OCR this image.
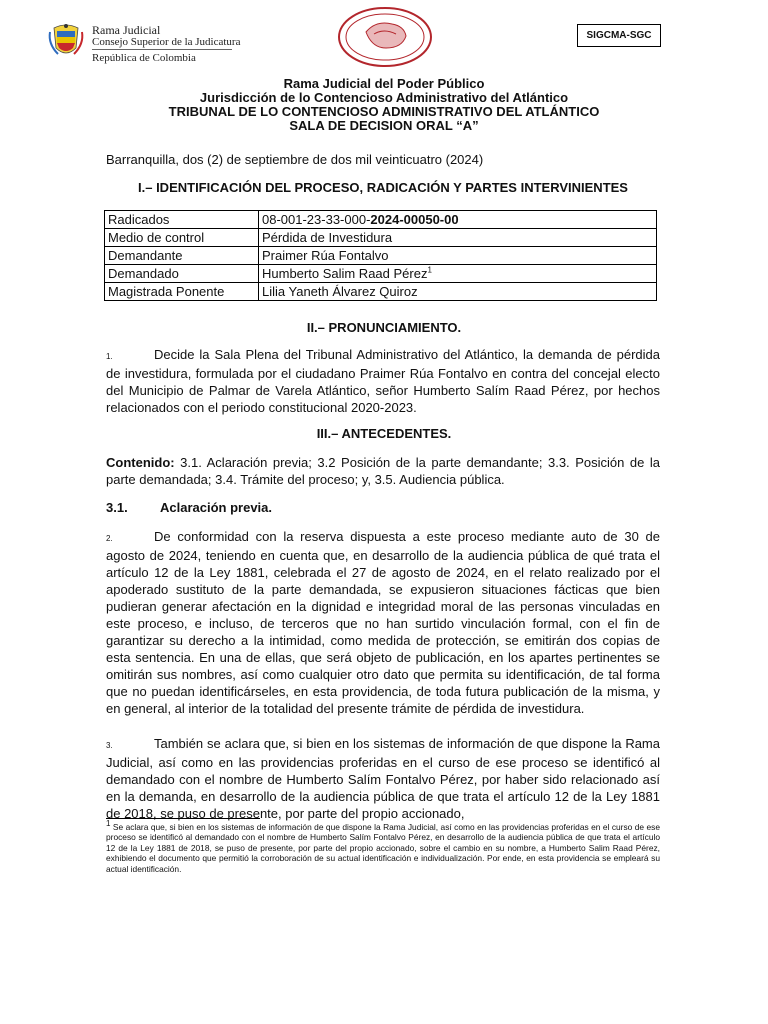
Rama Judicial
Consejo Superior de la Judicatura
República de Colombia
SIGCMA-SGC
Rama Judicial del Poder Público
Jurisdicción de lo Contencioso Administrativo del Atlántico
TRIBUNAL DE LO CONTENCIOSO ADMINISTRATIVO DEL ATLÁNTICO
SALA DE DECISION ORAL “A”
Barranquilla, dos (2) de septiembre de dos mil veinticuatro (2024)
I.– IDENTIFICACIÓN DEL PROCESO, RADICACIÓN Y PARTES INTERVINIENTES
Radicados	08-001-23-33-000-2024-00050-00
Medio de control	Pérdida de Investidura
Demandante	Praimer Rúa Fontalvo
Demandado	Humberto Salim Raad Pérez$^1$
Magistrada Ponente	Lilia Yaneth Álvarez Quiroz
II.– PRONUNCIAMIENTO.
1.	Decide la Sala Plena del Tribunal Administrativo del Atlántico, la demanda de pérdida de investidura, formulada por el ciudadano Praimer Rúa Fontalvo en contra del concejal electo del Municipio de Palmar de Varela Atlántico, señor Humberto Salím Raad Pérez, por hechos relacionados con el periodo constitucional 2020-2023.
III.– ANTECEDENTES.
Contenido: 3.1. Aclaración previa; 3.2 Posición de la parte demandante; 3.3. Posición de la parte demandada; 3.4. Trámite del proceso; y, 3.5. Audiencia pública.
3.1. Aclaración previa.
2.	De conformidad con la reserva dispuesta a este proceso mediante auto de 30 de agosto de 2024, teniendo en cuenta que, en desarrollo de la audiencia pública de qué trata el artículo 12 de la Ley 1881, celebrada el 27 de agosto de 2024, en el relato realizado por el apoderado sustituto de la parte demandada, se expusieron situaciones fácticas que bien pudieran generar afectación en la dignidad e integridad moral de las personas vinculadas en este proceso, e incluso, de terceros que no han surtido vinculación formal, con el fin de garantizar su derecho a la intimidad, como medida de protección, se emitirán dos copias de esta sentencia. En una de ellas, que será objeto de publicación, en los apartes pertinentes se omitirán sus nombres, así como cualquier otro dato que permita su identificación, de tal forma que no puedan identificárseles, en esta providencia, de toda futura publicación de la misma, y en general, al interior de la totalidad del presente trámite de pérdida de investidura.
3.	También se aclara que, si bien en los sistemas de información de que dispone la Rama Judicial, así como en las providencias proferidas en el curso de ese proceso se identificó al demandado con el nombre de Humberto Salím Fontalvo Pérez, por haber sido relacionado así en la demanda, en desarrollo de la audiencia pública de que trata el artículo 12 de la Ley 1881 de 2018, se puso de presente, por parte del propio accionado,
$^1$ Se aclara que, si bien en los sistemas de información de que dispone la Rama Judicial, así como en las providencias proferidas en el curso de ese proceso se identificó al demandado con el nombre de Humberto Salím Fontalvo Pérez, en desarrollo de la audiencia pública de que trata el artículo 12 de la Ley 1881 de 2018, se puso de presente, por parte del propio accionado, sobre el cambio en su nombre, a Humberto Salim Raad Pérez, exhibiendo el documento que permitió la corroboración de su actual identificación e individualización. Por ende, en esta providencia se empleará su actual identificación.
